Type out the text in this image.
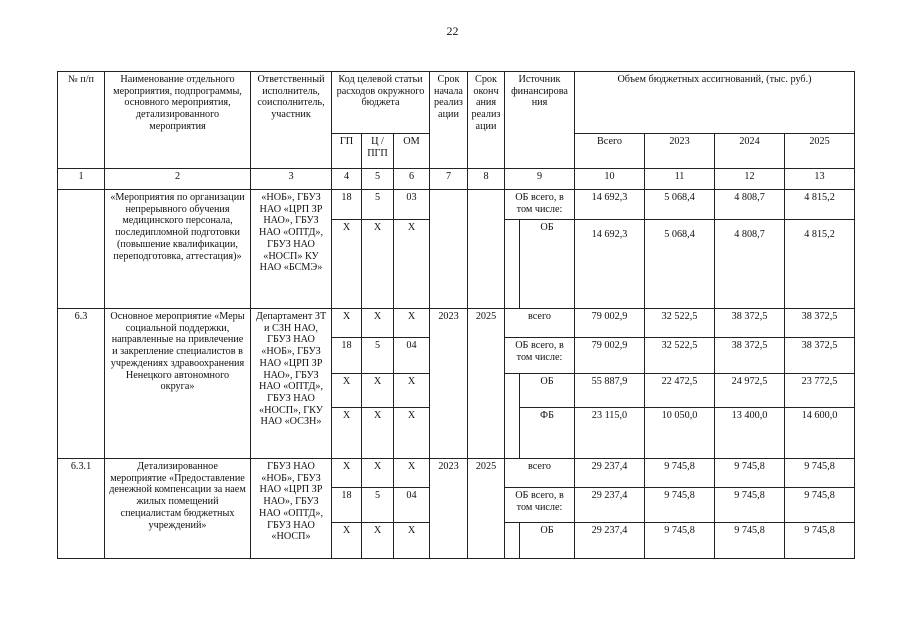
22
№ п/п	Наименование отдельного мероприятия, подпрограммы, основного мероприятия, детализированного мероприятия	Ответственный исполнитель, соисполнитель, участник	Код целевой статьи расходов окружного бюджета			Срок начала реализ ации	Срок оконч ания реализ ации	Источник финансирова ния		Объем бюджетных ассигнований, (тыс. руб.)			
			ГП	Ц / ПГП	ОМ					Всего	2023	2024	2025
1	2	3	4	5	6	7	8	9		10	11	12	13
	«Мероприятия по организации непрерывного обучения медицинского персонала, последипломной подготовки (повышение квалификации, переподготовка, аттестация)»	«НОБ», ГБУЗ НАО «ЦРП ЗР НАО», ГБУЗ НАО «ОПТД», ГБУЗ НАО «НОСП» КУ НАО «БСМЭ»	18	5	03			ОБ всего, в том числе:		14 692,3	5 068,4	4 808,7	4 815,2
			X	X	X				ОБ	14 692,3	5 068,4	4 808,7	4 815,2
6.3	Основное мероприятие «Меры социальной поддержки, направленные на привлечение и закрепление специалистов в учреждениях здравоохранения Ненецкого автономного округа»	Департамент ЗТ и СЗН НАО, ГБУЗ НАО «НОБ», ГБУЗ НАО «ЦРП ЗР НАО», ГБУЗ НАО «ОПТД», ГБУЗ НАО «НОСП», ГКУ НАО «ОСЗН»	X	X	X	2023	2025	всего		79 002,9	32 522,5	38 372,5	38 372,5
			18	5	04			ОБ всего, в том числе:		79 002,9	32 522,5	38 372,5	38 372,5
			X	X	X				ОБ	55 887,9	22 472,5	24 972,5	23 772,5
			X	X	X				ФБ	23 115,0	10 050,0	13 400,0	14 600,0
6.3.1	Детализированное мероприятие «Предоставление денежной компенсации за наем жилых помещений специалистам бюджетных учреждений»	ГБУЗ НАО «НОБ», ГБУЗ НАО «ЦРП ЗР НАО», ГБУЗ НАО «ОПТД», ГБУЗ НАО «НОСП»	X	X	X	2023	2025	всего		29 237,4	9 745,8	9 745,8	9 745,8
			18	5	04			ОБ всего, в том числе:		29 237,4	9 745,8	9 745,8	9 745,8
			X	X	X				ОБ	29 237,4	9 745,8	9 745,8	9 745,8
